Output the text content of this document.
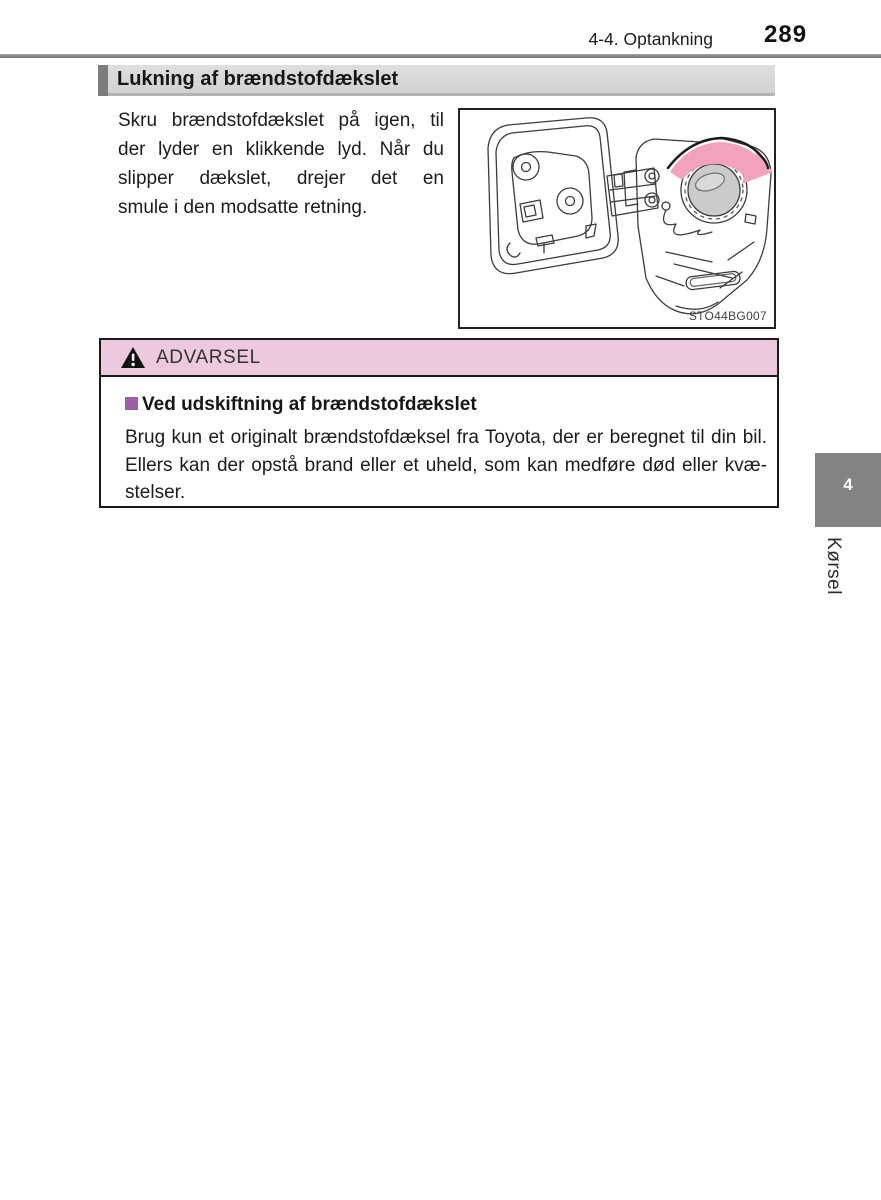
4-4. Optankning 289
Lukning af brændstofdækslet
Skru brændstofdækslet på igen, til
der lyder en klikkende lyd. Når du
slipper dækslet, drejer det en
smule i den modsatte retning.
STO44BG007
ADVARSEL
Ved udskiftning af brændstofdækslet
Brug kun et originalt brændstofdæksel fra Toyota, der er beregnet til din bil.
Ellers kan der opstå brand eller et uheld, som kan medføre død eller kvæ-
stelser.	4
Kørsel
